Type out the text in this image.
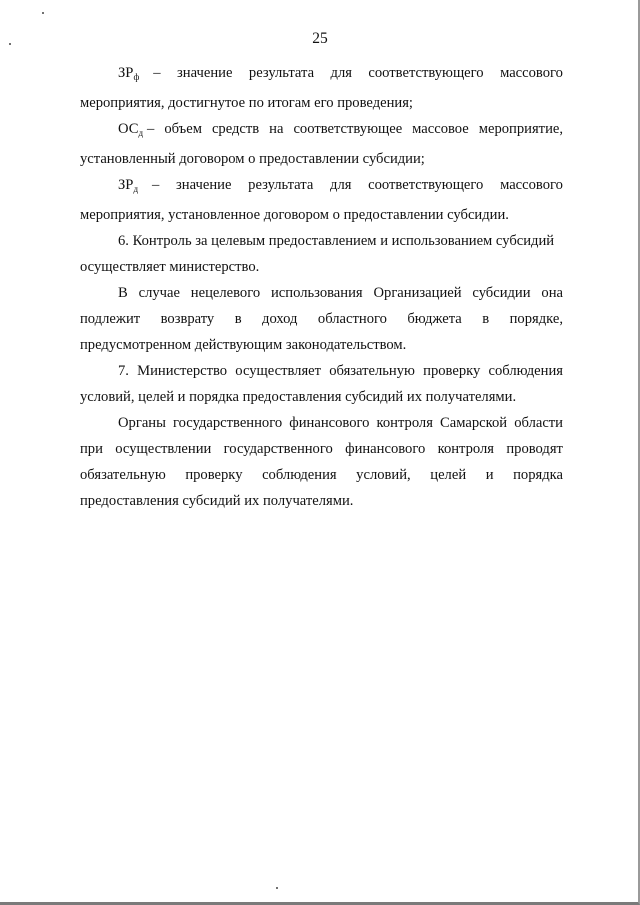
25
$ЗР_ф$ – значение результата для соответствующего массового

мероприятия, достигнутое по итогам его проведения;

$ОС_д$ – объем средств на соответствующее массовое мероприятие,

установленный договором о предоставлении субсидии;

$ЗР_д$ – значение результата для соответствующего массового

мероприятия, установленное договором о предоставлении субсидии.

6. Контроль за целевым предоставлением и использованием субсидий

осуществляет министерство.

В случае нецелевого использования Организацией субсидии она

подлежит возврату в доход областного бюджета в порядке,

предусмотренном действующим законодательством.

7. Министерство осуществляет обязательную проверку соблюдения

условий, целей и порядка предоставления субсидий их получателями.

Органы государственного финансового контроля Самарской области

при осуществлении государственного финансового контроля проводят
обязательную проверку соблюдения условий, целей и порядка

предоставления субсидий их получателями.
